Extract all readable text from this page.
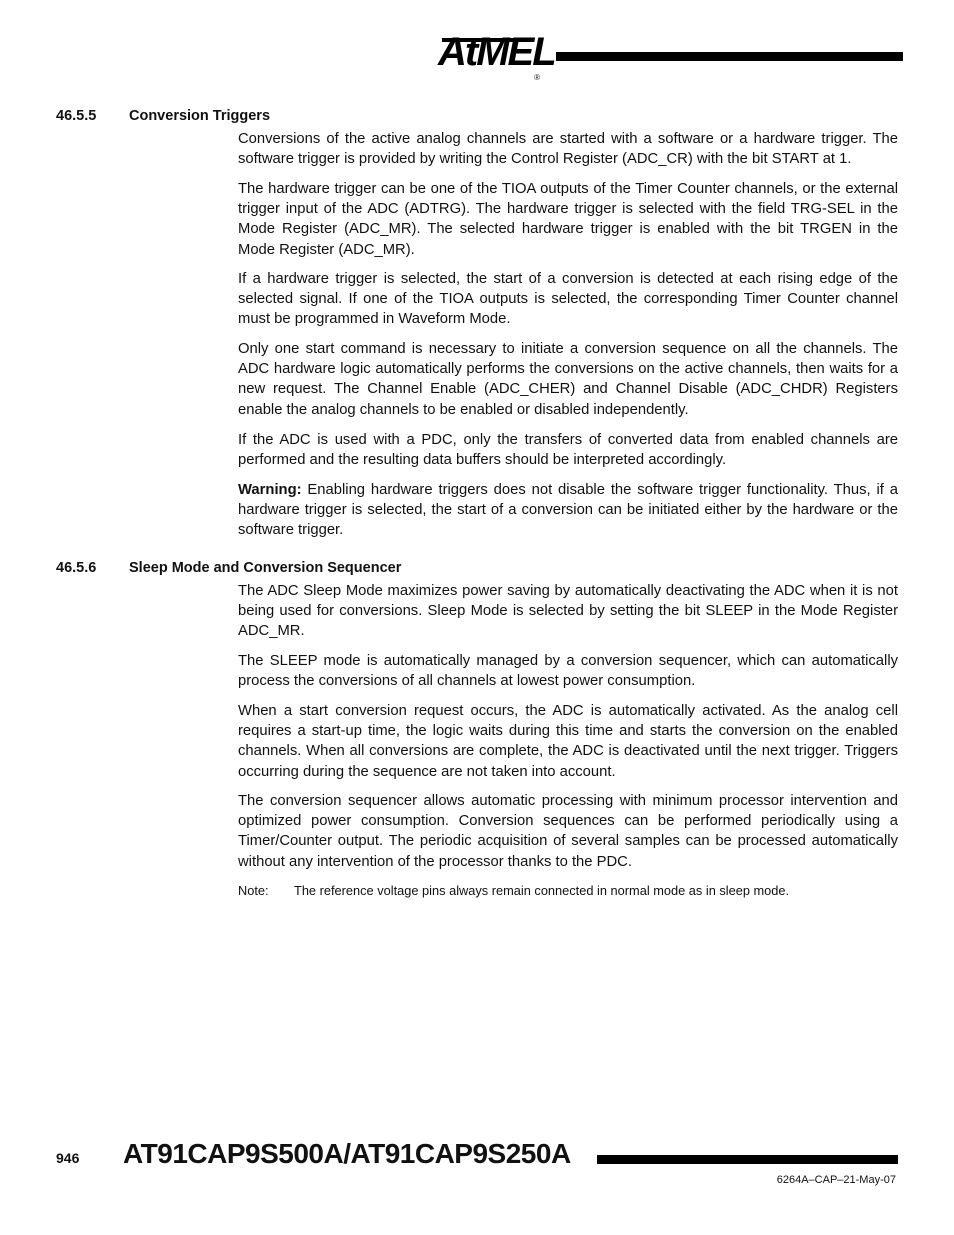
AtMEL
®
46.5.5 Conversion Triggers
Conversions of the active analog channels are started with a software or a hardware trigger. The software trigger is provided by writing the Control Register (ADC_CR) with the bit START at 1.
The hardware trigger can be one of the TIOA outputs of the Timer Counter channels, or the external trigger input of the ADC (ADTRG). The hardware trigger is selected with the field TRG-SEL in the Mode Register (ADC_MR). The selected hardware trigger is enabled with the bit TRGEN in the Mode Register (ADC_MR).
If a hardware trigger is selected, the start of a conversion is detected at each rising edge of the selected signal. If one of the TIOA outputs is selected, the corresponding Timer Counter channel must be programmed in Waveform Mode.
Only one start command is necessary to initiate a conversion sequence on all the channels. The ADC hardware logic automatically performs the conversions on the active channels, then waits for a new request. The Channel Enable (ADC_CHER) and Channel Disable (ADC_CHDR) Registers enable the analog channels to be enabled or disabled independently.
If the ADC is used with a PDC, only the transfers of converted data from enabled channels are performed and the resulting data buffers should be interpreted accordingly.
Warning: Enabling hardware triggers does not disable the software trigger functionality. Thus, if a hardware trigger is selected, the start of a conversion can be initiated either by the hardware or the software trigger.
46.5.6 Sleep Mode and Conversion Sequencer
The ADC Sleep Mode maximizes power saving by automatically deactivating the ADC when it is not being used for conversions. Sleep Mode is selected by setting the bit SLEEP in the Mode Register ADC_MR.
The SLEEP mode is automatically managed by a conversion sequencer, which can automatically process the conversions of all channels at lowest power consumption.
When a start conversion request occurs, the ADC is automatically activated. As the analog cell requires a start-up time, the logic waits during this time and starts the conversion on the enabled channels. When all conversions are complete, the ADC is deactivated until the next trigger. Triggers occurring during the sequence are not taken into account.
The conversion sequencer allows automatic processing with minimum processor intervention and optimized power consumption. Conversion sequences can be performed periodically using a Timer/Counter output. The periodic acquisition of several samples can be processed automatically without any intervention of the processor thanks to the PDC.
Note: The reference voltage pins always remain connected in normal mode as in sleep mode.
946 AT91CAP9S500A/AT91CAP9S250A
6264A–CAP–21-May-07
